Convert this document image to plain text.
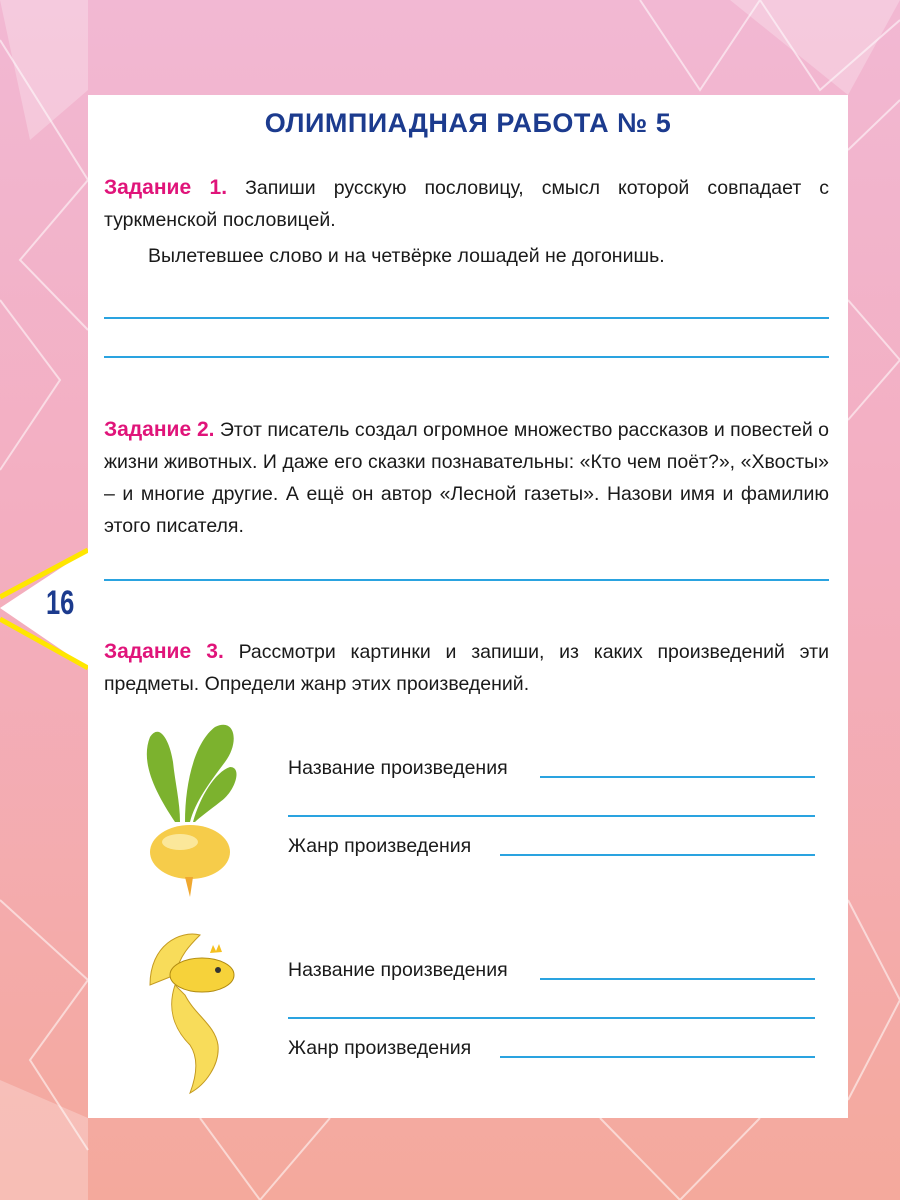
16
ОЛИМПИАДНАЯ РАБОТА № 5
Задание 1. Запиши русскую пословицу, смысл которой совпадает с туркменской пословицей.
Вылетевшее слово и на четвёрке лошадей не догонишь.
Задание 2. Этот писатель создал огромное множество рассказов и повестей о жизни животных. И даже его сказки познавательны: «Кто чем поёт?», «Хвосты» – и многие другие. А ещё он автор «Лесной газеты». Назови имя и фамилию этого писателя.
Задание 3. Рассмотри картинки и запиши, из каких произведений эти предметы. Определи жанр этих произведений.
Название произведения
Жанр произведения
Название произведения
Жанр произведения
